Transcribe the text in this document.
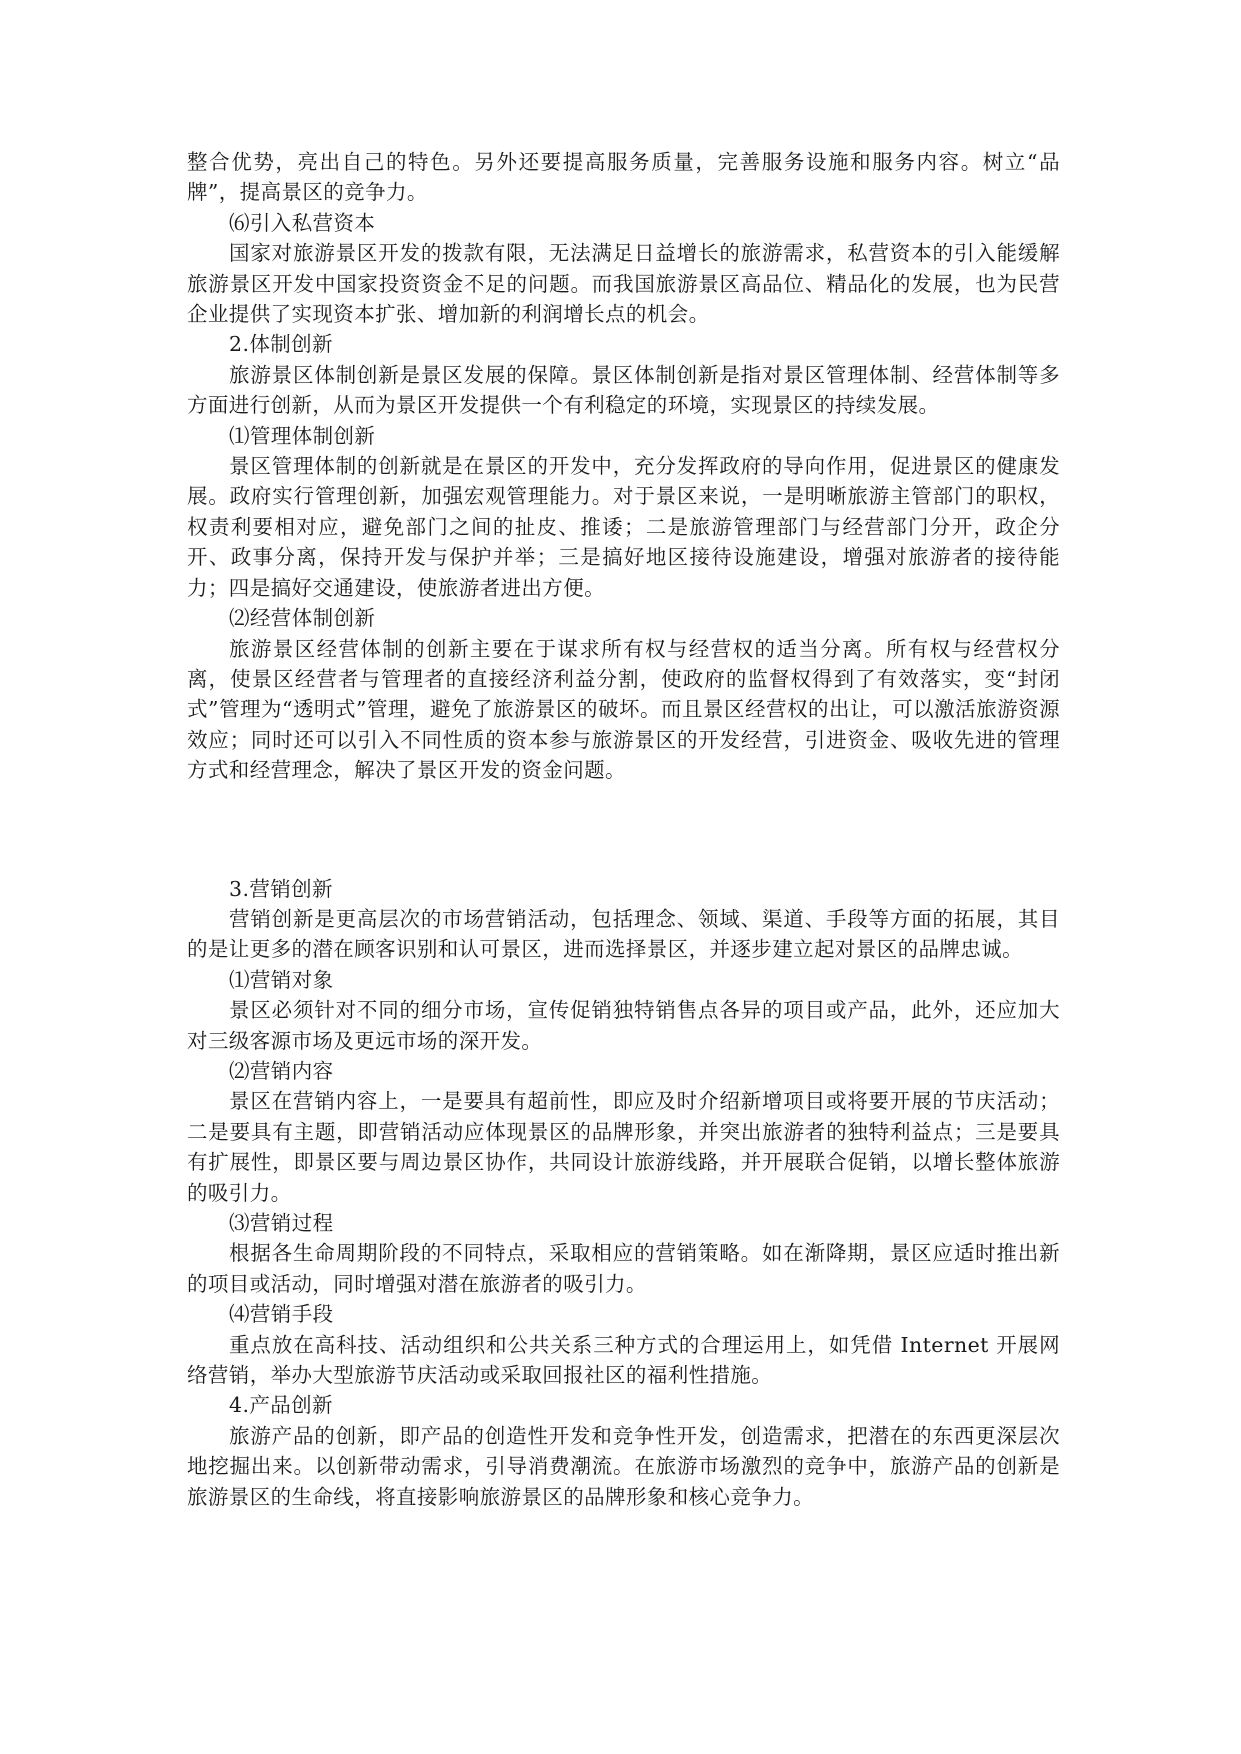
整合优势，亮出自己的特色。另外还要提高服务质量，完善服务设施和服务内容。树立“品牌”，提高景区的竞争力。

⑹引入私营资本

国家对旅游景区开发的拨款有限，无法满足日益增长的旅游需求，私营资本的引入能缓解旅游景区开发中国家投资资金不足的问题。而我国旅游景区高品位、精品化的发展，也为民营企业提供了实现资本扩张、增加新的利润增长点的机会。

2.体制创新

旅游景区体制创新是景区发展的保障。景区体制创新是指对景区管理体制、经营体制等多方面进行创新，从而为景区开发提供一个有利稳定的环境，实现景区的持续发展。

⑴管理体制创新

景区管理体制的创新就是在景区的开发中，充分发挥政府的导向作用，促进景区的健康发展。政府实行管理创新，加强宏观管理能力。对于景区来说，一是明晰旅游主管部门的职权，权责利要相对应，避免部门之间的扯皮、推诿；二是旅游管理部门与经营部门分开，政企分开、政事分离，保持开发与保护并举；三是搞好地区接待设施建设，增强对旅游者的接待能力；四是搞好交通建设，使旅游者进出方便。

⑵经营体制创新

旅游景区经营体制的创新主要在于谋求所有权与经营权的适当分离。所有权与经营权分离，使景区经营者与管理者的直接经济利益分割，使政府的监督权得到了有效落实，变“封闭式”管理为“透明式”管理，避免了旅游景区的破坏。而且景区经营权的出让，可以激活旅游资源效应；同时还可以引入不同性质的资本参与旅游景区的开发经营，引进资金、吸收先进的管理方式和经营理念，解决了景区开发的资金问题。

3.营销创新

营销创新是更高层次的市场营销活动，包括理念、领域、渠道、手段等方面的拓展，其目的是让更多的潜在顾客识别和认可景区，进而选择景区，并逐步建立起对景区的品牌忠诚。

⑴营销对象

景区必须针对不同的细分市场，宣传促销独特销售点各异的项目或产品，此外，还应加大对三级客源市场及更远市场的深开发。

⑵营销内容

景区在营销内容上，一是要具有超前性，即应及时介绍新增项目或将要开展的节庆活动；二是要具有主题，即营销活动应体现景区的品牌形象，并突出旅游者的独特利益点；三是要具有扩展性，即景区要与周边景区协作，共同设计旅游线路，并开展联合促销，以增长整体旅游的吸引力。

⑶营销过程

根据各生命周期阶段的不同特点，采取相应的营销策略。如在渐降期，景区应适时推出新的项目或活动，同时增强对潜在旅游者的吸引力。

⑷营销手段

重点放在高科技、活动组织和公共关系三种方式的合理运用上，如凭借 Internet 开展网络营销，举办大型旅游节庆活动或采取回报社区的福利性措施。

4.产品创新

旅游产品的创新，即产品的创造性开发和竞争性开发，创造需求，把潜在的东西更深层次地挖掘出来。以创新带动需求，引导消费潮流。在旅游市场激烈的竞争中，旅游产品的创新是旅游景区的生命线，将直接影响旅游景区的品牌形象和核心竞争力。
